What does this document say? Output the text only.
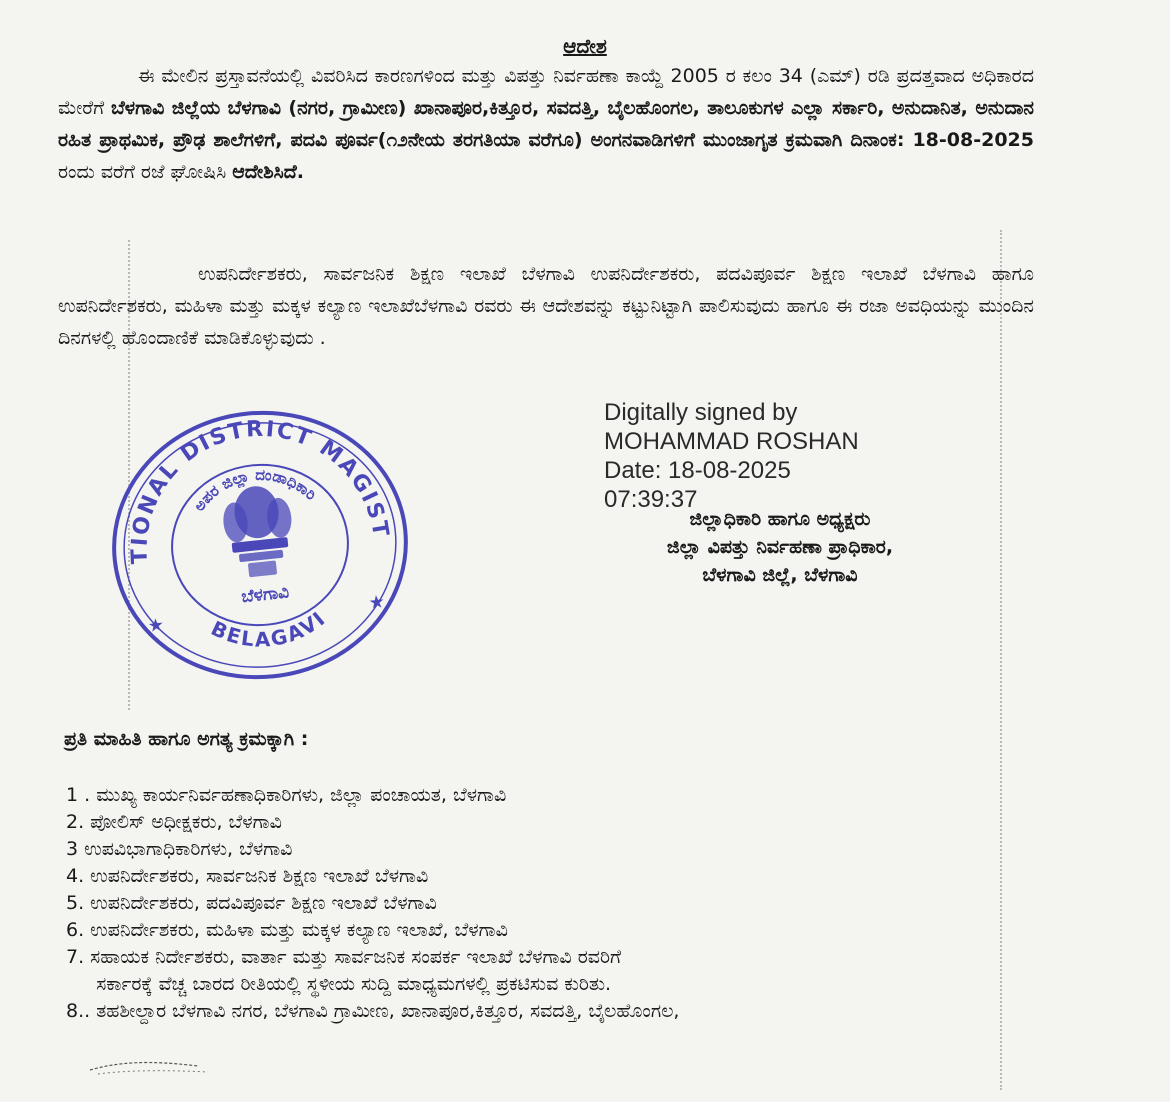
ಆದೇಶ
ಈ ಮೇಲಿನ ಪ್ರಸ್ತಾವನೆಯಲ್ಲಿ ವಿವರಿಸಿದ ಕಾರಣಗಳಿಂದ ಮತ್ತು ವಿಪತ್ತು ನಿರ್ವಹಣಾ ಕಾಯ್ದೆ 2005 ರ ಕಲಂ 34 (ಎಮ್) ರಡಿ ಪ್ರದತ್ತವಾದ ಅಧಿಕಾರದ ಮೇರೆಗೆ ಬೆಳಗಾವಿ ಜಿಲ್ಲೆಯ ಬೆಳಗಾವಿ (ನಗರ, ಗ್ರಾಮೀಣ) ಖಾನಾಪೂರ,ಕಿತ್ತೂರ, ಸವದತ್ತಿ, ಬೈಲಹೊಂಗಲ, ತಾಲೂಕುಗಳ ಎಲ್ಲಾ ಸರ್ಕಾರಿ, ಅನುದಾನಿತ, ಅನುದಾನ ರಹಿತ ಪ್ರಾಥಮಿಕ, ಪ್ರೌಢ ಶಾಲೆಗಳಿಗೆ, ಪದವಿ ಪೂರ್ವ(೧೨ನೇಯ ತರಗತಿಯಾ ವರೆಗೂ) ಅಂಗನವಾಡಿಗಳಿಗೆ ಮುಂಜಾಗೃತ ಕ್ರಮವಾಗಿ ದಿನಾಂಕ: 18-08-2025 ರಂದು ವರೆಗೆ ರಜೆ ಘೋಷಿಸಿ ಆದೇಶಿಸಿದೆ.
ಉಪನಿರ್ದೇಶಕರು, ಸಾರ್ವಜನಿಕ ಶಿಕ್ಷಣ ಇಲಾಖೆ ಬೆಳಗಾವಿ ಉಪನಿರ್ದೇಶಕರು, ಪದವಿಪೂರ್ವ ಶಿಕ್ಷಣ ಇಲಾಖೆ ಬೆಳಗಾವಿ ಹಾಗೂ ಉಪನಿರ್ದೇಶಕರು, ಮಹಿಳಾ ಮತ್ತು ಮಕ್ಕಳ ಕಲ್ಯಾಣ ಇಲಾಖೆಬೆಳಗಾವಿ ರವರು ಈ ಆದೇಶವನ್ನು ಕಟ್ಟುನಿಟ್ಟಾಗಿ ಪಾಲಿಸುವುದು ಹಾಗೂ ಈ ರಜಾ ಅವಧಿಯನ್ನು ಮುಂದಿನ ದಿನಗಳಲ್ಲಿ ಹೊಂದಾಣಿಕೆ ಮಾಡಿಕೊಳ್ಳುವುದು .
ADDITIONAL DISTRICT MAGISTRATE
BELAGAVI
ಅಪರ ಜಿಲ್ಲಾ ದಂಡಾಧಿಕಾರಿ
★
★
ಬೆಳಗಾವಿ
Digitally signed by
MOHAMMAD ROSHAN
Date: 18-08-2025
07:39:37
ಜಿಲ್ಲಾಧಿಕಾರಿ ಹಾಗೂ ಅಧ್ಯಕ್ಷರು
ಜಿಲ್ಲಾ ವಿಪತ್ತು ನಿರ್ವಹಣಾ ಪ್ರಾಧಿಕಾರ,
ಬೆಳಗಾವಿ ಜಿಲ್ಲೆ, ಬೆಳಗಾವಿ
ಪ್ರತಿ ಮಾಹಿತಿ ಹಾಗೂ ಅಗತ್ಯ ಕ್ರಮಕ್ಕಾಗಿ :
1 . ಮುಖ್ಯ ಕಾರ್ಯನಿರ್ವಹಣಾಧಿಕಾರಿಗಳು, ಜಿಲ್ಲಾ ಪಂಚಾಯತ, ಬೆಳಗಾವಿ
2. ಪೋಲಿಸ್ ಅಧೀಕ್ಷಕರು, ಬೆಳಗಾವಿ
3 ಉಪವಿಭಾಗಾಧಿಕಾರಿಗಳು, ಬೆಳಗಾವಿ
4. ಉಪನಿರ್ದೇಶಕರು, ಸಾರ್ವಜನಿಕ ಶಿಕ್ಷಣ ಇಲಾಖೆ ಬೆಳಗಾವಿ
5. ಉಪನಿರ್ದೇಶಕರು, ಪದವಿಪೂರ್ವ ಶಿಕ್ಷಣ ಇಲಾಖೆ ಬೆಳಗಾವಿ
6. ಉಪನಿರ್ದೇಶಕರು, ಮಹಿಳಾ ಮತ್ತು ಮಕ್ಕಳ ಕಲ್ಯಾಣ ಇಲಾಖೆ, ಬೆಳಗಾವಿ
7. ಸಹಾಯಕ ನಿರ್ದೇಶಕರು, ವಾರ್ತಾ ಮತ್ತು ಸಾರ್ವಜನಿಕ ಸಂಪರ್ಕ ಇಲಾಖೆ ಬೆಳಗಾವಿ ರವರಿಗೆ
ಸರ್ಕಾರಕ್ಕೆ ವೆಚ್ಚ ಬಾರದ ರೀತಿಯಲ್ಲಿ ಸ್ಥಳೀಯ ಸುದ್ದಿ ಮಾಧ್ಯಮಗಳಲ್ಲಿ ಪ್ರಕಟಿಸುವ ಕುರಿತು.
8.. ತಹಶೀಲ್ದಾರ ಬೆಳಗಾವಿ ನಗರ, ಬೆಳಗಾವಿ ಗ್ರಾಮೀಣ, ಖಾನಾಪೂರ,ಕಿತ್ತೂರ, ಸವದತ್ತಿ, ಬೈಲಹೊಂಗಲ,
